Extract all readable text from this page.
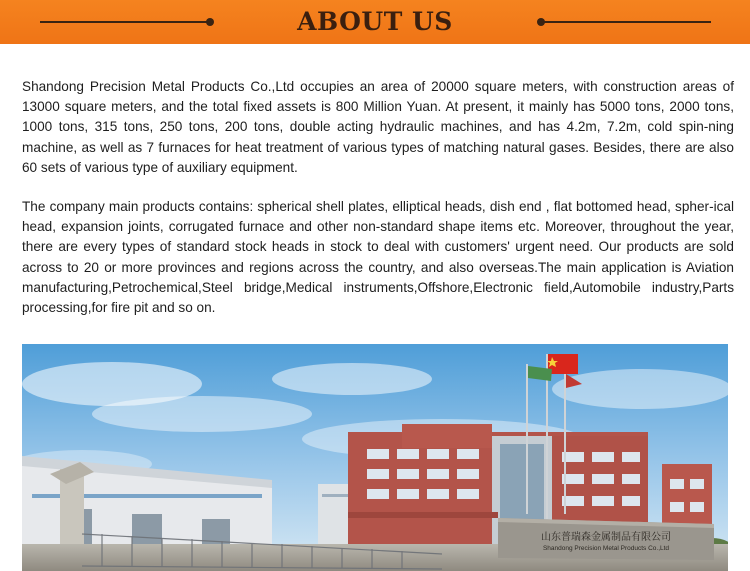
ABOUT US

Shandong Precision Metal Products Co.,Ltd occupies an area of 20000 square meters, with construction areas of 13000 square meters, and the total fixed assets is 800 Million Yuan. At present, it mainly has 5000 tons, 2000 tons, 1000 tons, 315 tons, 250 tons, 200 tons, double acting hydraulic machines, and has 4.2m, 7.2m, cold spin-ning machine, as well as 7 furnaces for heat treatment of various types of matching natural gases. Besides, there are also 60 sets of various type of auxiliary equipment.

The company main products contains: spherical shell plates, elliptical heads, dish end , flat bottomed head, spher-ical head, expansion joints, corrugated furnace and other non-standard shape items etc. Moreover, throughout the year, there are every types of standard stock heads in stock to deal with customers' urgent need. Our products are sold across to 20 or more provinces and regions across the country, and also overseas.The main application is Aviation manufacturing,Petrochemical,Steel bridge,Medical instruments,Offshore,Electronic field,Automobile industry,Parts processing,for fire pit and so on.

山东普瑞森金属制品有限公司
Shandong Precision Metal Products Co.,Ltd
